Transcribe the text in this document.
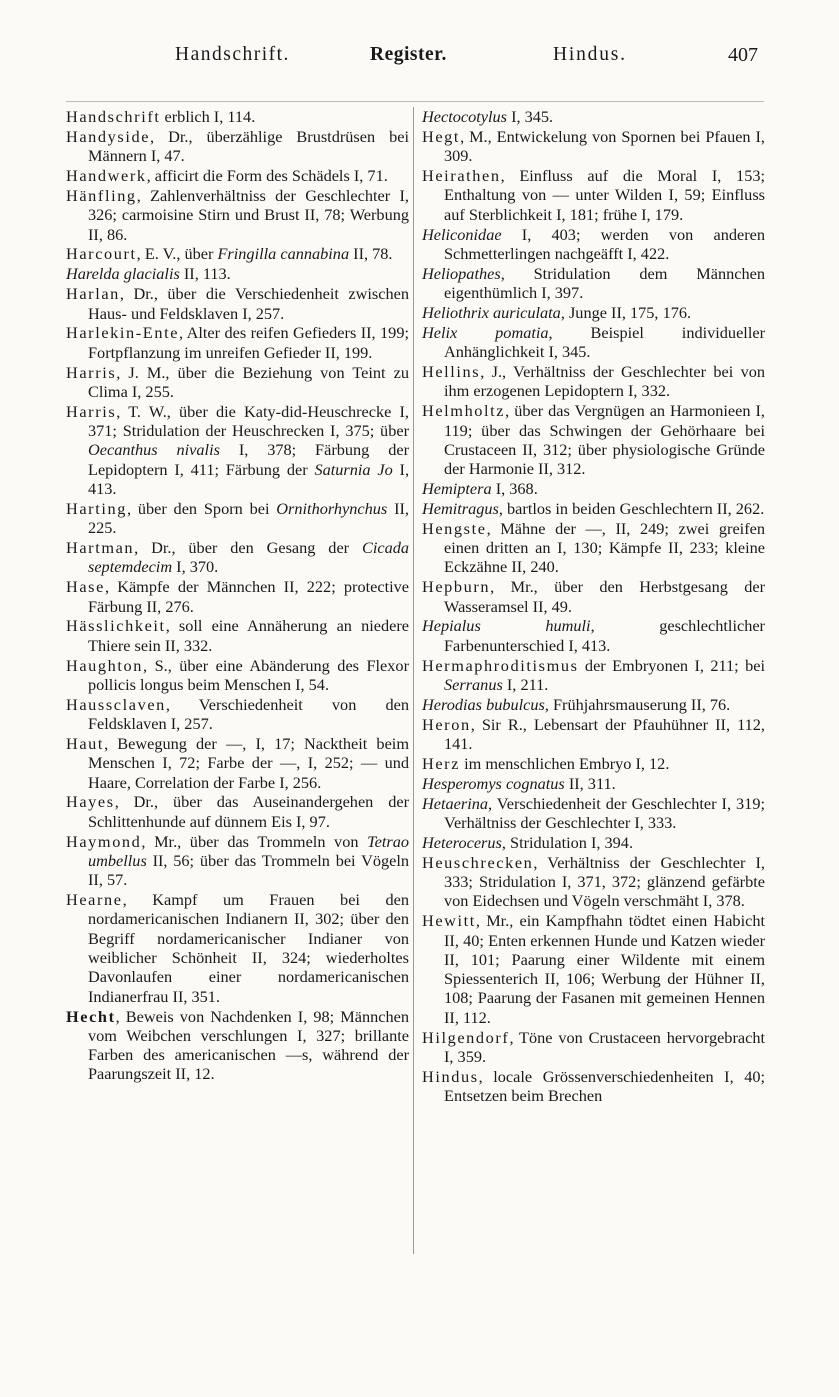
Handschrift.	Register.	Hindus.	407

Handschrift erblich I, 114.

Handyside, Dr., überzählige Brustdrüsen bei Männern I, 47.

Handwerk, afficirt die Form des Schädels I, 71.

Hänfling, Zahlenverhältniss der Geschlechter I, 326; carmoisine Stirn und Brust II, 78; Werbung II, 86.

Harcourt, E. V., über Fringilla cannabina II, 78.

Harelda glacialis II, 113.

Harlan, Dr., über die Verschiedenheit zwischen Haus- und Feldsklaven I, 257.

Harlekin-Ente, Alter des reifen Gefieders II, 199; Fortpflanzung im unreifen Gefieder II, 199.

Harris, J. M., über die Beziehung von Teint zu Clima I, 255.

Harris, T. W., über die Katy-did-Heuschrecke I, 371; Stridulation der Heuschrecken I, 375; über Oecanthus nivalis I, 378; Färbung der Lepidoptern I, 411; Färbung der Saturnia Jo I, 413.

Harting, über den Sporn bei Ornithorhynchus II, 225.

Hartman, Dr., über den Gesang der Cicada septemdecim I, 370.

Hase, Kämpfe der Männchen II, 222; protective Färbung II, 276.

Hässlichkeit, soll eine Annäherung an niedere Thiere sein II, 332.

Haughton, S., über eine Abänderung des Flexor pollicis longus beim Menschen I, 54.

Haussclaven, Verschiedenheit von den Feldsklaven I, 257.

Haut, Bewegung der —, I, 17; Nacktheit beim Menschen I, 72; Farbe der —, I, 252; — und Haare, Correlation der Farbe I, 256.

Hayes, Dr., über das Auseinandergehen der Schlittenhunde auf dünnem Eis I, 97.

Haymond, Mr., über das Trommeln von Tetrao umbellus II, 56; über das Trommeln bei Vögeln II, 57.

Hearne, Kampf um Frauen bei den nordamericanischen Indianern II, 302; über den Begriff nordamericanischer Indianer von weiblicher Schönheit II, 324; wiederholtes Davonlaufen einer nordamericanischen Indianerfrau II, 351.

Hecht, Beweis von Nachdenken I, 98; Männchen vom Weibchen verschlungen I, 327; brillante Farben des americanischen —s, während der Paarungszeit II, 12.

Hectocotylus I, 345.

Hegt, M., Entwickelung von Spornen bei Pfauen I, 309.

Heirathen, Einfluss auf die Moral I, 153; Enthaltung von — unter Wilden I, 59; Einfluss auf Sterblichkeit I, 181; frühe I, 179.

Heliconidae I, 403; werden von anderen Schmetterlingen nachgeäfft I, 422.

Heliopathes, Stridulation dem Männchen eigenthümlich I, 397.

Heliothrix auriculata, Junge II, 175, 176.

Helix pomatia, Beispiel individueller Anhänglichkeit I, 345.

Hellins, J., Verhältniss der Geschlechter bei von ihm erzogenen Lepidoptern I, 332.

Helmholtz, über das Vergnügen an Harmonieen I, 119; über das Schwingen der Gehörhaare bei Crustaceen II, 312; über physiologische Gründe der Harmonie II, 312.

Hemiptera I, 368.

Hemitragus, bartlos in beiden Geschlechtern II, 262.

Hengste, Mähne der —, II, 249; zwei greifen einen dritten an I, 130; Kämpfe II, 233; kleine Eckzähne II, 240.

Hepburn, Mr., über den Herbstgesang der Wasseramsel II, 49.

Hepialus humuli, geschlechtlicher Farbenunterschied I, 413.

Hermaphroditismus der Embryonen I, 211; bei Serranus I, 211.

Herodias bubulcus, Frühjahrsmauserung II, 76.

Heron, Sir R., Lebensart der Pfauhühner II, 112, 141.

Herz im menschlichen Embryo I, 12.

Hesperomys cognatus II, 311.

Hetaerina, Verschiedenheit der Geschlechter I, 319; Verhältniss der Geschlechter I, 333.

Heterocerus, Stridulation I, 394.

Heuschrecken, Verhältniss der Geschlechter I, 333; Stridulation I, 371, 372; glänzend gefärbte von Eidechsen und Vögeln verschmäht I, 378.

Hewitt, Mr., ein Kampfhahn tödtet einen Habicht II, 40; Enten erkennen Hunde und Katzen wieder II, 101; Paarung einer Wildente mit einem Spiessenterich II, 106; Werbung der Hühner II, 108; Paarung der Fasanen mit gemeinen Hennen II, 112.

Hilgendorf, Töne von Crustaceen hervorgebracht I, 359.

Hindus, locale Grössenverschiedenheiten I, 40; Entsetzen beim Brechen
